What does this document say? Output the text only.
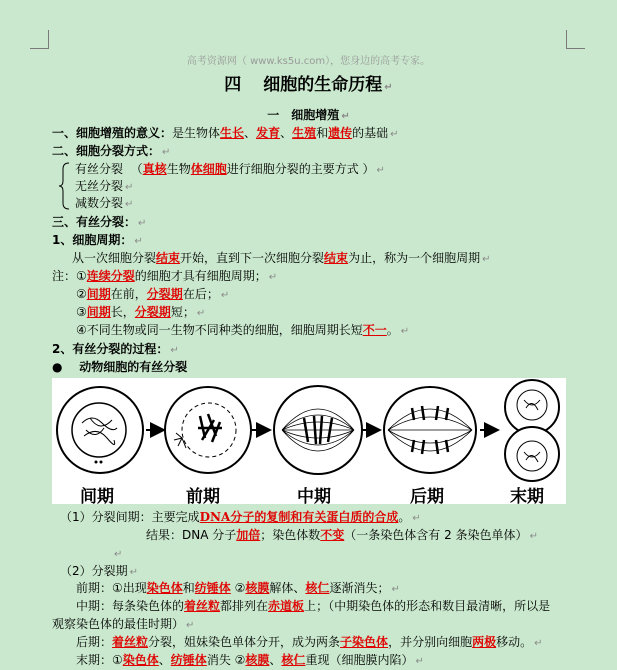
高考资源网（ www.ks5u.com），您身边的高考专家。
四 细胞的生命历程 ↵
一　细胞增殖 ↵
一、细胞增殖的意义：是生物体生长、发育、生殖和遗传的基础 ↵
二、细胞分裂方式： ↵
有丝分裂 （真核生物体细胞进行细胞分裂的主要方式 ） ↵
无丝分裂 ↵
减数分裂 ↵
三、有丝分裂： ↵
1、细胞周期： ↵
从一次细胞分裂结束开始，直到下一次细胞分裂结束为止，称为一个细胞周期 ↵
注：①连续分裂的细胞才具有细胞周期； ↵
②间期在前，分裂期在后； ↵
③间期长，分裂期短； ↵
④不同生物或同一生物不同种类的细胞，细胞周期长短不一。 ↵
2、有丝分裂的过程： ↵
● 动物细胞的有丝分裂
间期	前期	中期	后期	末期
（1）分裂间期：主要完成DNA分子的复制和有关蛋白质的合成。 ↵
结果：DNA 分子加倍；染色体数不变（一条染色体含有 2 条染色单体） ↵
↵
（2）分裂期 ↵
前期：①出现染色体和纺锤体 ②核膜解体、核仁逐渐消失； ↵
中期：每条染色体的着丝粒都排列在赤道板上；（中期染色体的形态和数目最清晰，所以是
观察染色体的最佳时期） ↵
后期：着丝粒分裂，姐妹染色单体分开，成为两条子染色体，并分别向细胞两极移动。 ↵
末期：①染色体、纺锤体消失 ②核膜、核仁重现（细胞膜内陷） ↵
